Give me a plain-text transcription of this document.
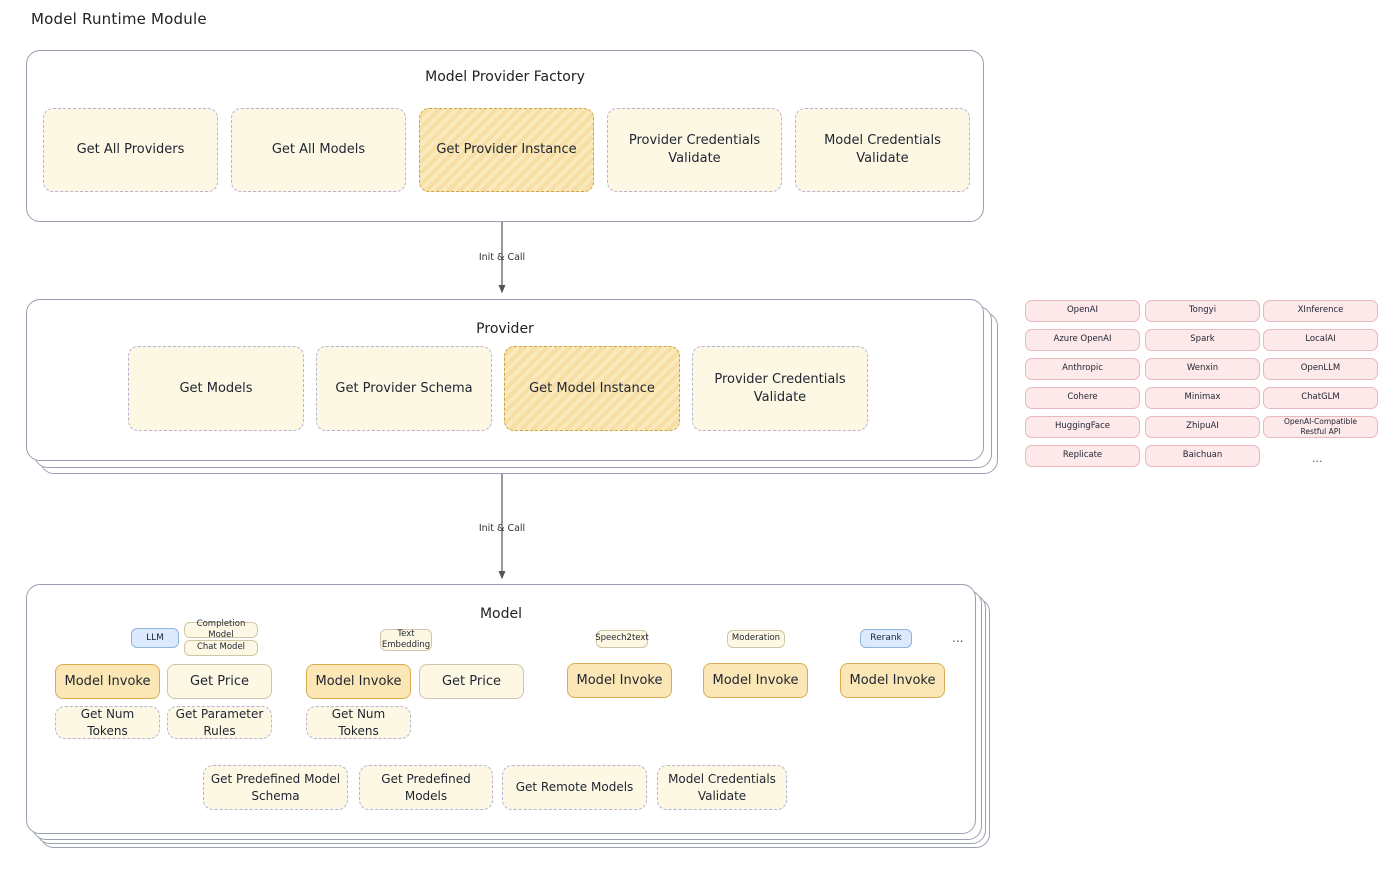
Model Runtime Module
Init & Call
Init & Call
Model Provider Factory
Get All Providers	Get All Models	Get Provider Instance
Provider Credentials Validate
Model Credentials Validate
Provider
Get Models	Get Provider Schema	Get Model Instance
Provider Credentials Validate
OpenAI
Azure OpenAI
Anthropic
Cohere
HuggingFace
Replicate
Tongyi
Spark
Wenxin
Minimax
ZhipuAI
Baichuan
XInference
LocalAI
OpenLLM
ChatGLM
OpenAI-Compatible Restful API
...
Model
LLM
Completion Model
Chat Model
Model Invoke	Get Price
Get Num Tokens
Get Parameter Rules
Text Embedding
Model Invoke	Get Price
Get Num Tokens
Speech2text
Model Invoke
Moderation
Model Invoke
Rerank
Model Invoke
...
Get Predefined Model Schema
Get Predefined Models
Get Remote Models
Model Credentials Validate
